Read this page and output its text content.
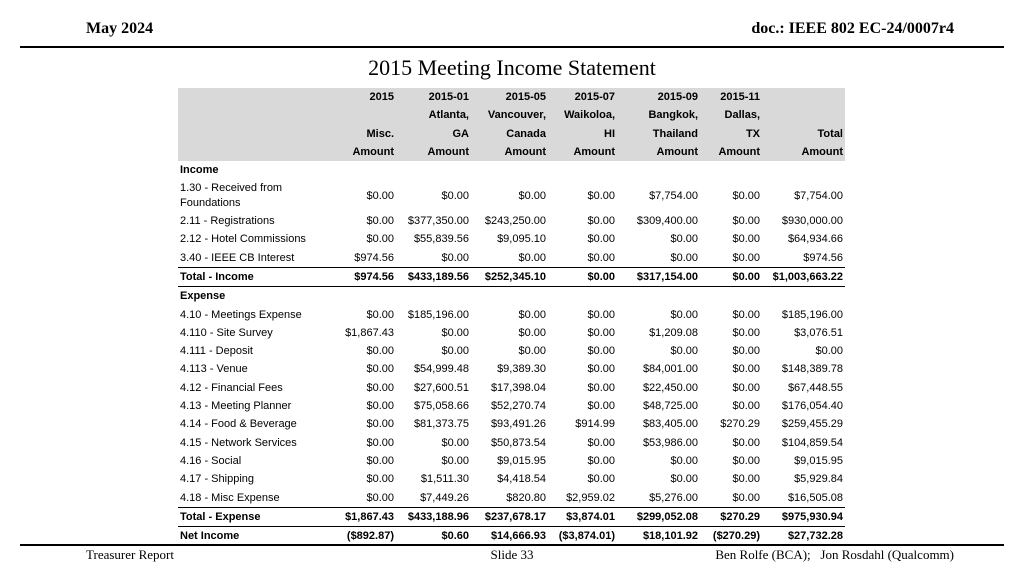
May 2024	doc.: IEEE 802 EC-24/0007r4
2015 Meeting Income Statement
	2015	2015-01	2015-05	2015-07	2015-09	2015-11	
		Atlanta,	Vancouver,	Waikoloa,	Bangkok,	Dallas,	
	Misc.	GA	Canada	HI	Thailand	TX	Total
	Amount	Amount	Amount	Amount	Amount	Amount	Amount
Income							
1.30 - Received from Foundations	$0.00	$0.00	$0.00	$0.00	$7,754.00	$0.00	$7,754.00
2.11 - Registrations	$0.00	$377,350.00	$243,250.00	$0.00	$309,400.00	$0.00	$930,000.00
2.12 - Hotel Commissions	$0.00	$55,839.56	$9,095.10	$0.00	$0.00	$0.00	$64,934.66
3.40 - IEEE CB Interest	$974.56	$0.00	$0.00	$0.00	$0.00	$0.00	$974.56
Total - Income	$974.56	$433,189.56	$252,345.10	$0.00	$317,154.00	$0.00	$1,003,663.22
Expense							
4.10 - Meetings Expense	$0.00	$185,196.00	$0.00	$0.00	$0.00	$0.00	$185,196.00
4.110 - Site Survey	$1,867.43	$0.00	$0.00	$0.00	$1,209.08	$0.00	$3,076.51
4.111 - Deposit	$0.00	$0.00	$0.00	$0.00	$0.00	$0.00	$0.00
4.113 - Venue	$0.00	$54,999.48	$9,389.30	$0.00	$84,001.00	$0.00	$148,389.78
4.12 - Financial Fees	$0.00	$27,600.51	$17,398.04	$0.00	$22,450.00	$0.00	$67,448.55
4.13 - Meeting Planner	$0.00	$75,058.66	$52,270.74	$0.00	$48,725.00	$0.00	$176,054.40
4.14 - Food & Beverage	$0.00	$81,373.75	$93,491.26	$914.99	$83,405.00	$270.29	$259,455.29
4.15 - Network Services	$0.00	$0.00	$50,873.54	$0.00	$53,986.00	$0.00	$104,859.54
4.16 - Social	$0.00	$0.00	$9,015.95	$0.00	$0.00	$0.00	$9,015.95
4.17 - Shipping	$0.00	$1,511.30	$4,418.54	$0.00	$0.00	$0.00	$5,929.84
4.18 - Misc Expense	$0.00	$7,449.26	$820.80	$2,959.02	$5,276.00	$0.00	$16,505.08
Total - Expense	$1,867.43	$433,188.96	$237,678.17	$3,874.01	$299,052.08	$270.29	$975,930.94
Net Income	($892.87)	$0.60	$14,666.93	($3,874.01)	$18,101.92	($270.29)	$27,732.28
Slide 33
Treasurer Report	Ben Rolfe (BCA);   Jon Rosdahl (Qualcomm)
